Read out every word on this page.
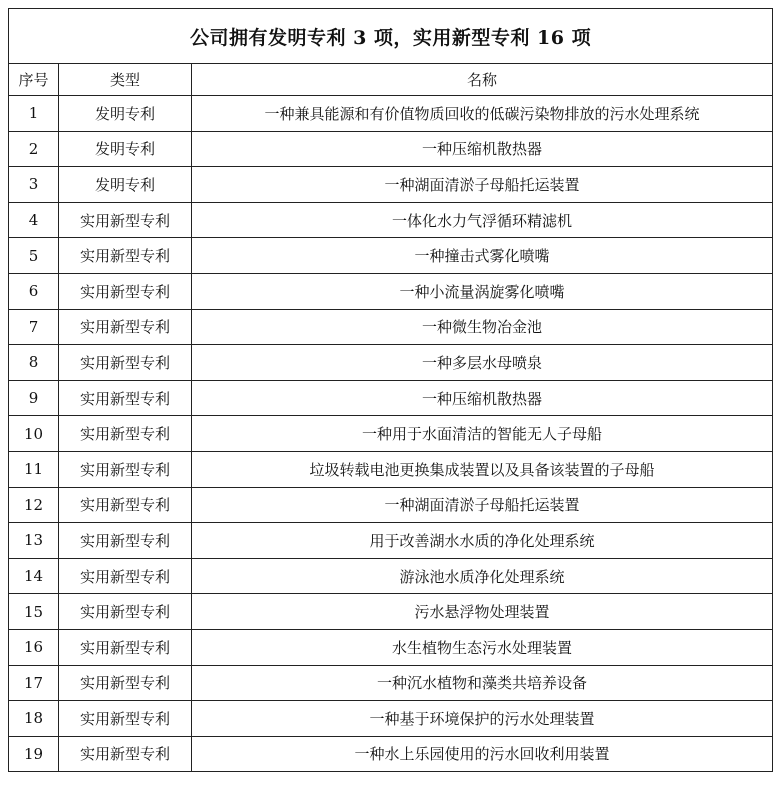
公司拥有发明专利 3 项，实用新型专利 16 项		
序号	类型	名称
1	发明专利	一种兼具能源和有价值物质回收的低碳污染物排放的污水处理系统
2	发明专利	一种压缩机散热器
3	发明专利	一种湖面清淤子母船托运装置
4	实用新型专利	一体化水力气浮循环精滤机
5	实用新型专利	一种撞击式雾化喷嘴
6	实用新型专利	一种小流量涡旋雾化喷嘴
7	实用新型专利	一种微生物冶金池
8	实用新型专利	一种多层水母喷泉
9	实用新型专利	一种压缩机散热器
10	实用新型专利	一种用于水面清洁的智能无人子母船
11	实用新型专利	垃圾转载电池更换集成装置以及具备该装置的子母船
12	实用新型专利	一种湖面清淤子母船托运装置
13	实用新型专利	用于改善湖水水质的净化处理系统
14	实用新型专利	游泳池水质净化处理系统
15	实用新型专利	污水悬浮物处理装置
16	实用新型专利	水生植物生态污水处理装置
17	实用新型专利	一种沉水植物和藻类共培养设备
18	实用新型专利	一种基于环境保护的污水处理装置
19	实用新型专利	一种水上乐园使用的污水回收利用装置
